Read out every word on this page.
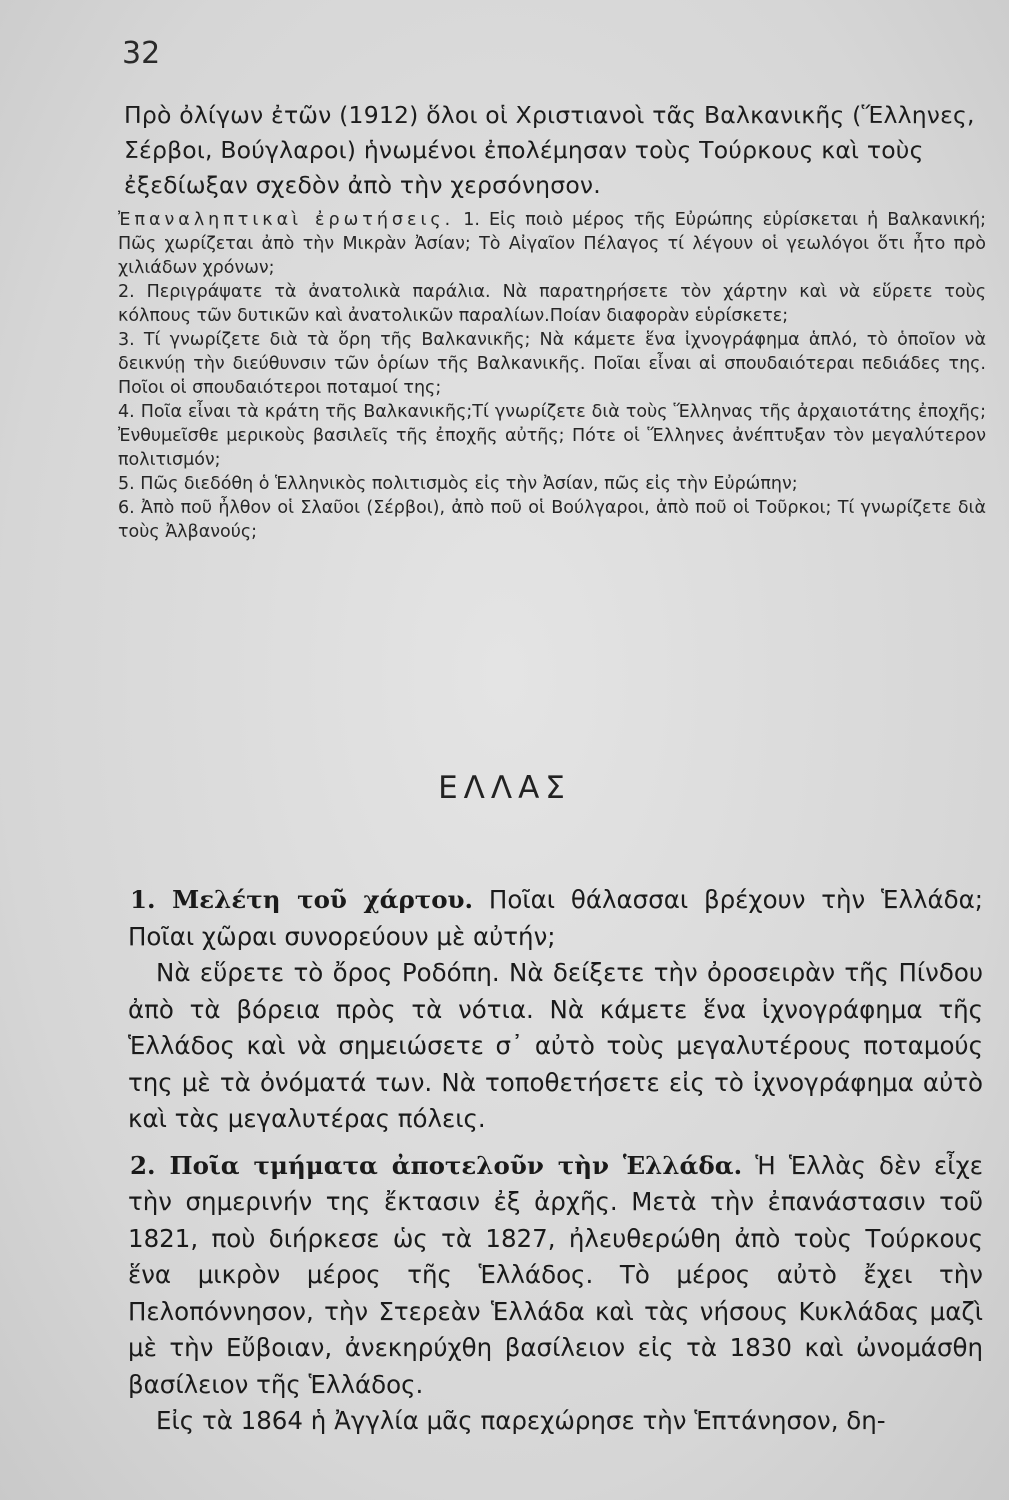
32

Πρὸ ὀλίγων ἐτῶν (1912) ὅλοι οἱ Χριστιανοὶ τᾶς Βαλκανικῆς (Ἕλληνες, Σέρβοι, Βούγλαροι) ἡνωμένοι ἐπολέμησαν τοὺς Τούρκους καὶ τοὺς ἐξεδίωξαν σχεδὸν ἀπὸ τὴν χερσόνησον.

Ἐπαναληπτικαὶ ἐρωτήσεις. 1. Εἰς ποιὸ μέρος τῆς Εὐρώπης εὑρίσκεται ἡ Βαλκανική; Πῶς χωρίζεται ἀπὸ τὴν Μικρὰν Ἀσίαν; Τὸ Αἰγαῖον Πέλαγος τί λέγουν οἱ γεωλόγοι ὅτι ἦτο πρὸ χιλιάδων χρόνων;

2. Περιγράψατε τὰ ἀνατολικὰ παράλια. Νὰ παρατηρήσετε τὸν χάρτην καὶ νὰ εὕρετε τοὺς κόλπους τῶν δυτικῶν καὶ ἀνατολικῶν παραλίων.Ποίαν διαφορὰν εὑρίσκετε;

3. Τί γνωρίζετε διὰ τὰ ὄρη τῆς Βαλκανικῆς; Νὰ κάμετε ἕνα ἰχνογράφημα ἁπλό, τὸ ὁποῖον νὰ δεικνύῃ τὴν διεύθυνσιν τῶν ὁρίων τῆς Βαλκανικῆς. Ποῖαι εἶναι αἱ σπουδαιότεραι πεδιάδες της. Ποῖοι οἱ σπουδαιότεροι ποταμοί της;

4. Ποῖα εἶναι τὰ κράτη τῆς Βαλκανικῆς;Τί γνωρίζετε διὰ τοὺς Ἕλληνας τῆς ἀρχαιοτάτης ἐποχῆς; Ἐνθυμεῖσθε μερικοὺς βασιλεῖς τῆς ἐποχῆς αὐτῆς; Πότε οἱ Ἕλληνες ἀνέπτυξαν τὸν μεγαλύτερον πολιτισμόν;

5. Πῶς διεδόθη ὁ Ἑλληνικὸς πολιτισμὸς εἰς τὴν Ἀσίαν, πῶς εἰς τὴν Εὐρώπην;

6. Ἀπὸ ποῦ ἦλθον οἱ Σλαῦοι (Σέρβοι), ἀπὸ ποῦ οἱ Βούλγαροι, ἀπὸ ποῦ οἱ Τοῦρκοι; Τί γνωρίζετε διὰ τοὺς Ἀλβανούς;

ΕΛΛΑΣ

1. Μελέτη τοῦ χάρτου. Ποῖαι θάλασσαι βρέχουν τὴν Ἑλλάδα; Ποῖαι χῶραι συνορεύουν μὲ αὐτήν;

Νὰ εὕρετε τὸ ὄρος Ροδόπη. Νὰ δείξετε τὴν ὀροσειρὰν τῆς Πίνδου ἀπὸ τὰ βόρεια πρὸς τὰ νότια. Νὰ κάμετε ἕνα ἰχνογράφημα τῆς Ἑλλάδος καὶ νὰ σημειώσετε σ᾽ αὐτὸ τοὺς μεγαλυτέρους ποταμούς της μὲ τὰ ὀνόματά των. Νὰ τοποθετήσετε εἰς τὸ ἰχνογράφημα αὐτὸ καὶ τὰς μεγαλυτέρας πόλεις.

2. Ποῖα τμήματα ἀποτελοῦν τὴν Ἑλλάδα. Ἡ Ἑλλὰς δὲν εἶχε τὴν σημερινήν της ἔκτασιν ἐξ ἀρχῆς. Μετὰ τὴν ἐπανάστασιν τοῦ 1821, ποὺ διήρκεσε ὡς τὰ 1827, ἠλευθερώθη ἀπὸ τοὺς Τούρκους ἕνα μικρὸν μέρος τῆς Ἑλλάδος. Τὸ μέρος αὐτὸ ἔχει τὴν Πελοπόννησον, τὴν Στερεὰν Ἑλλάδα καὶ τὰς νήσους Κυκλάδας μαζὶ μὲ τὴν Εὔβοιαν, ἀνεκηρύχθη βασίλειον εἰς τὰ 1830 καὶ ὠνομάσθη βασίλειον τῆς Ἑλλάδος.

Εἰς τὰ 1864 ἡ Ἀγγλία μᾶς παρεχώρησε τὴν Ἑπτάνησον, δη-
